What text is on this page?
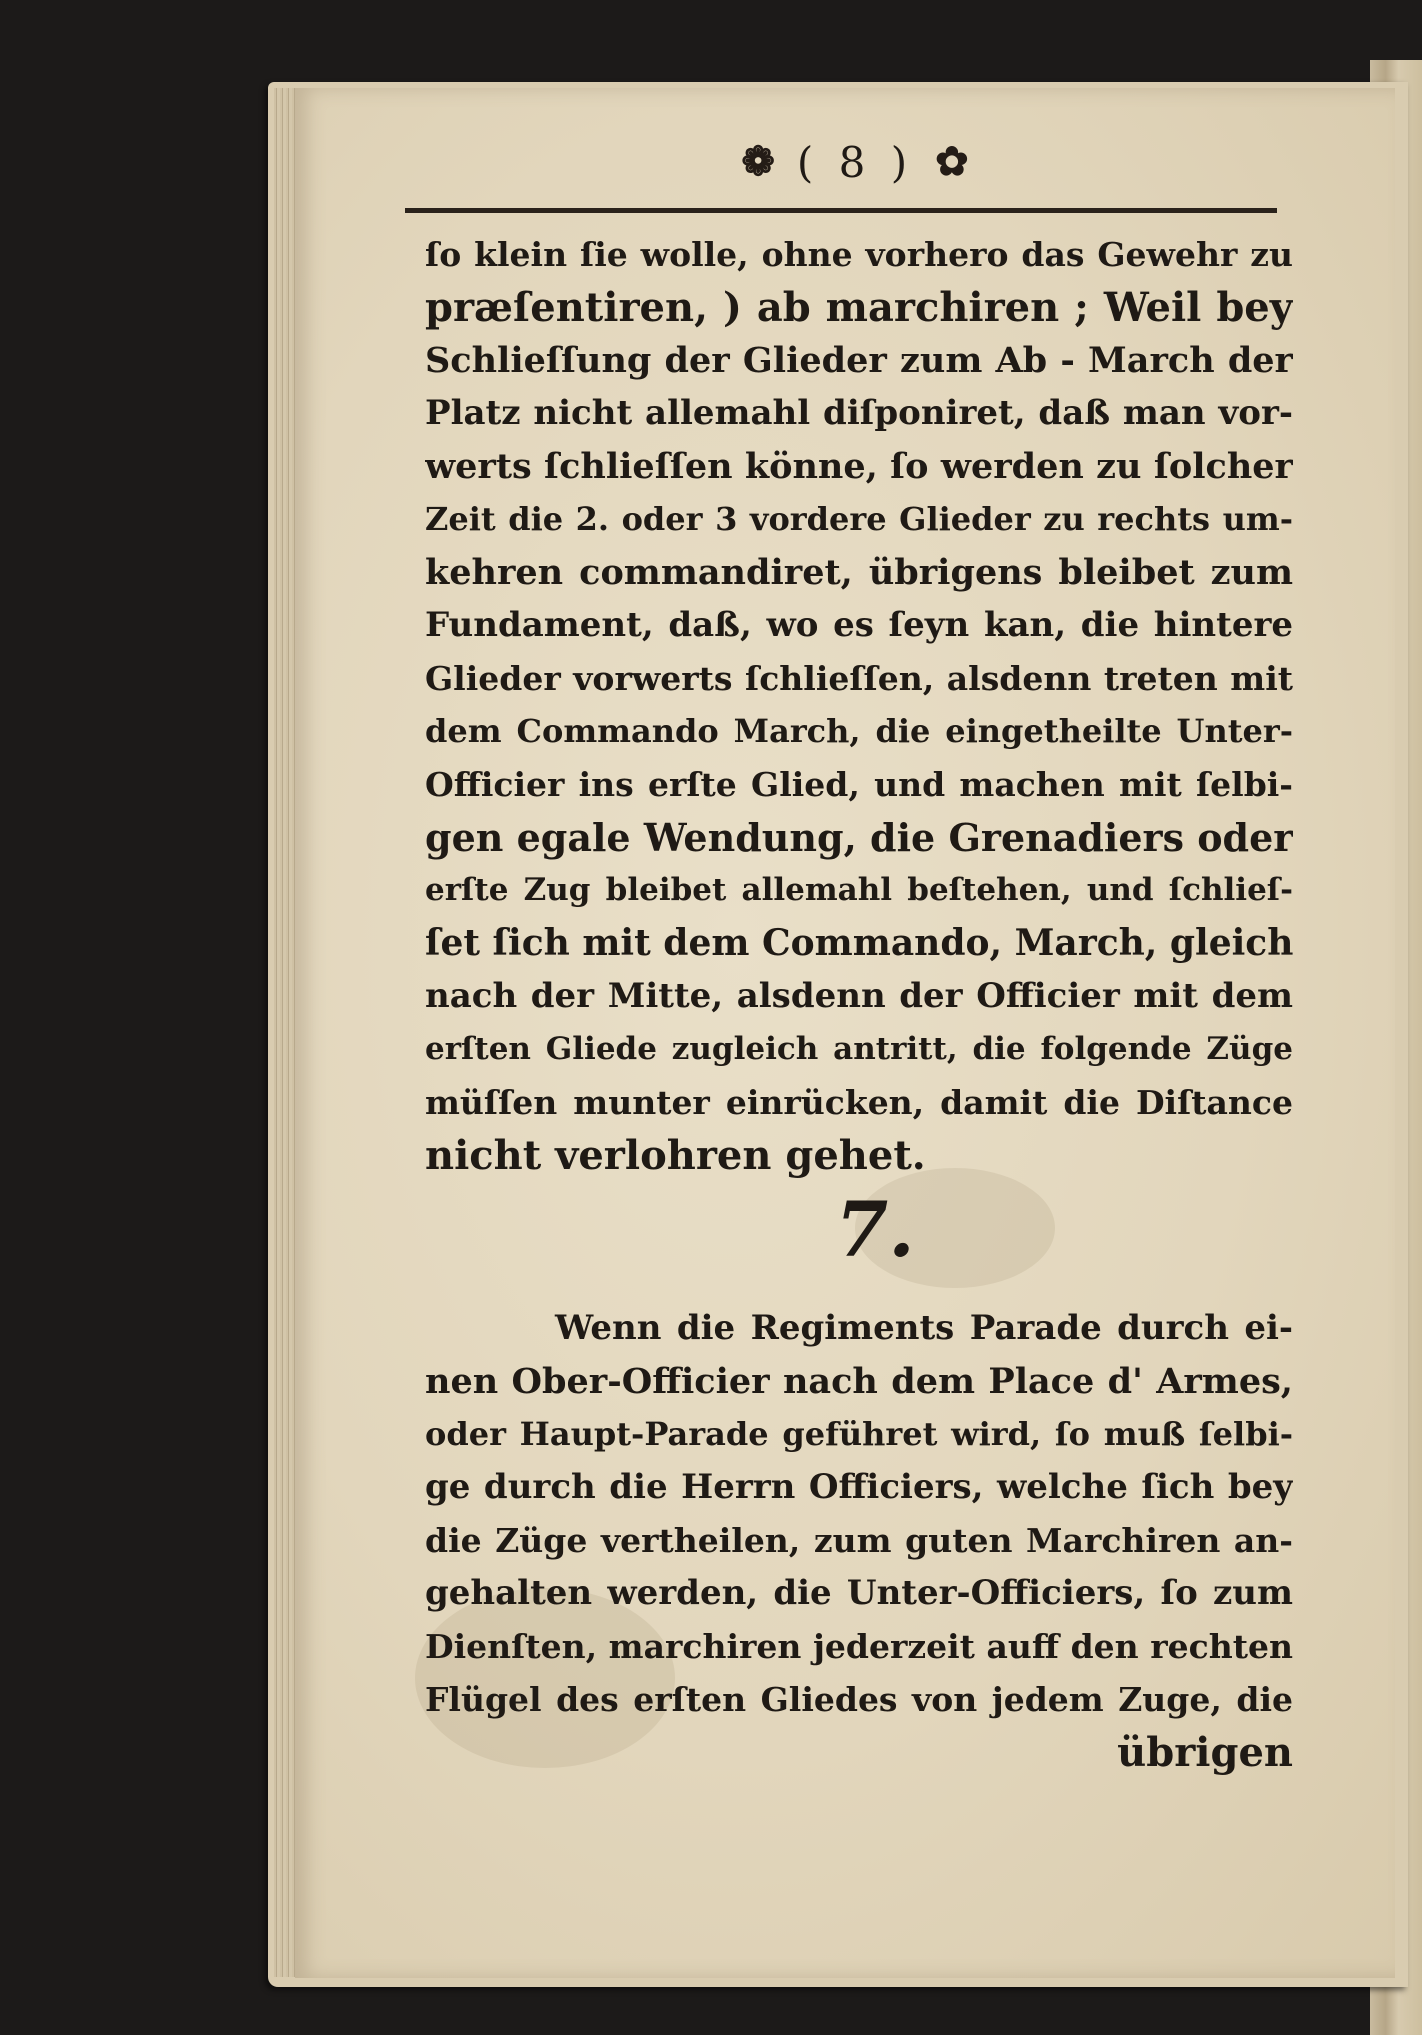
❁ ( 8 ) ✿
ſo klein ſie wolle, ohne vorhero das Gewehr zu
præſentiren, ) ab marchiren ; Weil bey
Schlieſſung der Glieder zum Ab - March der
Platz nicht allemahl diſponiret, daß man vor-
werts ſchlieſſen könne, ſo werden zu ſolcher
Zeit die 2. oder 3 vordere Glieder zu rechts um-
kehren commandiret, übrigens bleibet zum
Fundament, daß, wo es ſeyn kan, die hintere
Glieder vorwerts ſchlieſſen, alsdenn treten mit
dem Commando March, die eingetheilte Unter-
Officier ins erſte Glied, und machen mit ſelbi-
gen egale Wendung, die Grenadiers oder
erſte Zug bleibet allemahl beſtehen, und ſchlieſ-
ſet ſich mit dem Commando, March, gleich
nach der Mitte, alsdenn der Officier mit dem
erſten Gliede zugleich antritt, die folgende Züge
müſſen munter einrücken, damit die Diſtance
nicht verlohren gehet.
7.
Wenn die Regiments Parade durch ei-
nen Ober-Officier nach dem Place d' Armes,
oder Haupt-Parade geführet wird, ſo muß ſelbi-
ge durch die Herrn Officiers, welche ſich bey
die Züge vertheilen, zum guten Marchiren an-
gehalten werden, die Unter-Officiers, ſo zum
Dienſten, marchiren jederzeit auff den rechten
Flügel des erſten Gliedes von jedem Zuge, die
übrigen
